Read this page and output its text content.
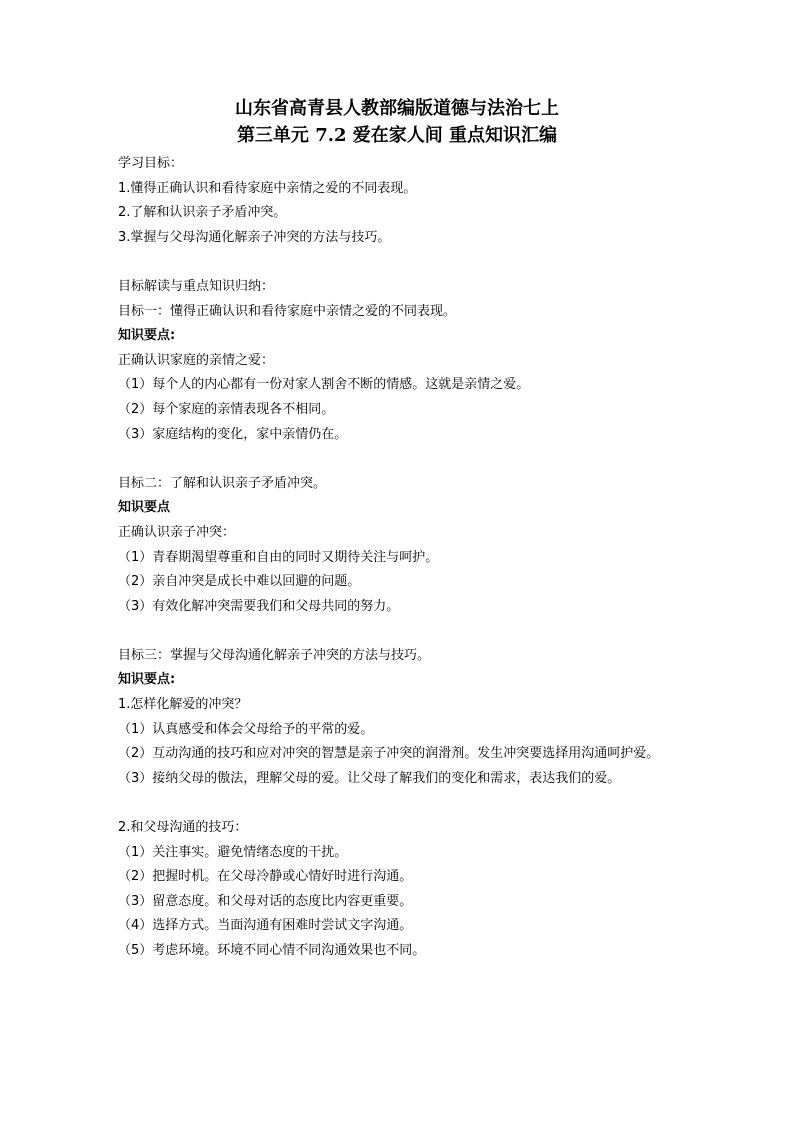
山东省高青县人教部编版道德与法治七上
第三单元 7.2 爱在家人间 重点知识汇编
学习目标：
1.懂得正确认识和看待家庭中亲情之爱的不同表现。
2.了解和认识亲子矛盾冲突。
3.掌握与父母沟通化解亲子冲突的方法与技巧。
目标解读与重点知识归纳：
目标一：懂得正确认识和看待家庭中亲情之爱的不同表现。
知识要点:
正确认识家庭的亲情之爱：
（1）每个人的内心都有一份对家人割舍不断的情感。这就是亲情之爱。
（2）每个家庭的亲情表现各不相同。
（3）家庭结构的变化，家中亲情仍在。
目标二：了解和认识亲子矛盾冲突。
知识要点
正确认识亲子冲突：
（1）青春期渴望尊重和自由的同时又期待关注与呵护。
（2）亲自冲突是成长中难以回避的问题。
（3）有效化解冲突需要我们和父母共同的努力。
目标三：掌握与父母沟通化解亲子冲突的方法与技巧。
知识要点:
1.怎样化解爱的冲突？
（1）认真感受和体会父母给予的平常的爱。
（2）互动沟通的技巧和应对冲突的智慧是亲子冲突的润滑剂。发生冲突要选择用沟通呵护爱。
（3）接纳父母的傲法，理解父母的爱。让父母了解我们的变化和需求，表达我们的爱。
2.和父母沟通的技巧：
（1）关注事实。避免情绪态度的干扰。
（2）把握时机。在父母冷静或心情好时进行沟通。
（3）留意态度。和父母对话的态度比内容更重要。
（4）选择方式。当面沟通有困难时尝试文字沟通。
（5）考虑环境。环境不同心情不同沟通效果也不同。
